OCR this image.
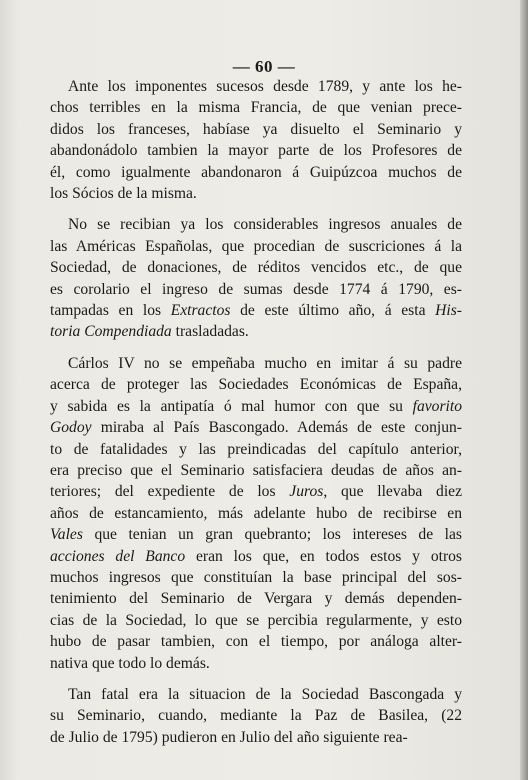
— 60 —

Ante los imponentes sucesos desde 1789, y ante los he-
chos terribles en la misma Francia, de que venian prece-
didos los franceses, habíase ya disuelto el Seminario y
abandonádolo tambien la mayor parte de los Profesores de
él, como igualmente abandonaron á Guipúzcoa muchos de
los Sócios de la misma.

No se recibian ya los considerables ingresos anuales de
las Américas Españolas, que procedian de suscriciones á la
Sociedad, de donaciones, de réditos vencidos etc., de que
es corolario el ingreso de sumas desde 1774 á 1790, es-
tampadas en los Extractos de este último año, á esta His-
toria Compendiada trasladadas.

Cárlos IV no se empeñaba mucho en imitar á su padre
acerca de proteger las Sociedades Económicas de España,
y sabida es la antipatía ó mal humor con que su favorito
Godoy miraba al País Bascongado. Además de este conjun-
to de fatalidades y las preindicadas del capítulo anterior,
era preciso que el Seminario satisfaciera deudas de años an-
teriores; del expediente de los Juros, que llevaba diez
años de estancamiento, más adelante hubo de recibirse en
Vales que tenian un gran quebranto; los intereses de las
acciones del Banco eran los que, en todos estos y otros
muchos ingresos que constituían la base principal del sos-
tenimiento del Seminario de Vergara y demás dependen-
cias de la Sociedad, lo que se percibia regularmente, y esto
hubo de pasar tambien, con el tiempo, por análoga alter-
nativa que todo lo demás.

Tan fatal era la situacion de la Sociedad Bascongada y
su Seminario, cuando, mediante la Paz de Basilea, (22
de Julio de 1795) pudieron en Julio del año siguiente rea-
